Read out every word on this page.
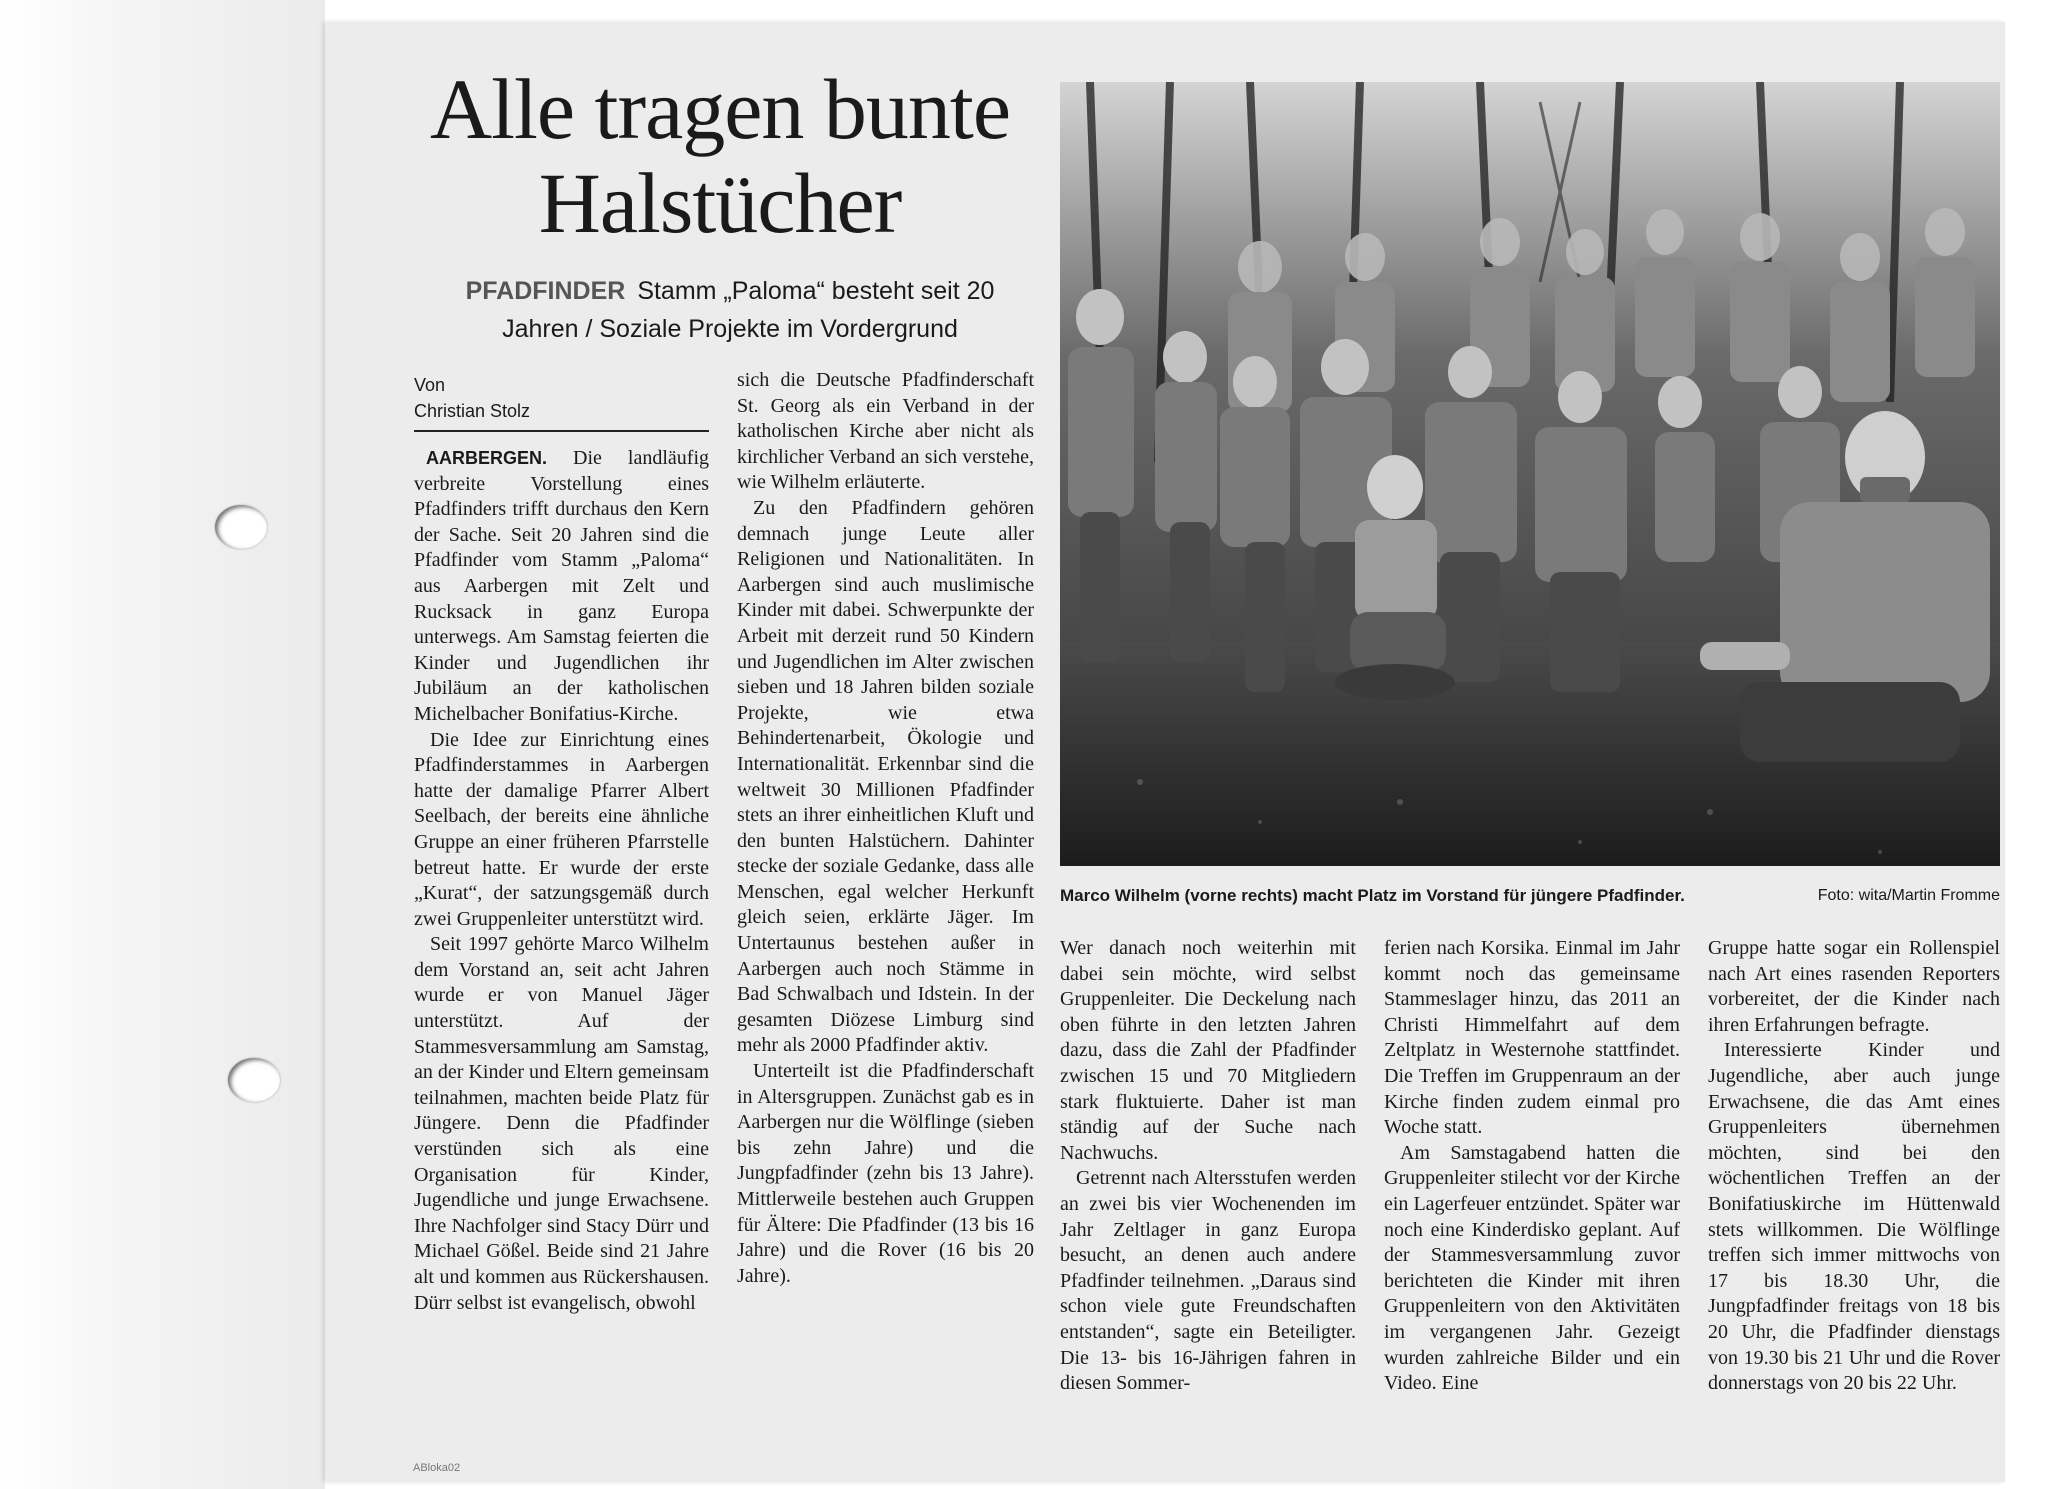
Alle tragen bunte
Halstücher
PFADFINDER Stamm „Paloma“ besteht seit 20
Jahren / Soziale Projekte im Vordergrund
Von
Christian Stolz

AARBERGEN. Die landläufig verbreite Vorstellung eines Pfadfinders trifft durchaus den Kern der Sache. Seit 20 Jahren sind die Pfadfinder vom Stamm „Paloma“ aus Aarbergen mit Zelt und Rucksack in ganz Europa unterwegs. Am Samstag feierten die Kinder und Jugendlichen ihr Jubiläum an der katholischen Michelbacher Bonifatius-Kirche.

Die Idee zur Einrichtung eines Pfadfinderstammes in Aarbergen hatte der damalige Pfarrer Albert Seelbach, der bereits eine ähnliche Gruppe an einer früheren Pfarrstelle betreut hatte. Er wurde der erste „Kurat“, der satzungsgemäß durch zwei Gruppenleiter unterstützt wird.

Seit 1997 gehörte Marco Wilhelm dem Vorstand an, seit acht Jahren wurde er von Manuel Jäger unterstützt. Auf der Stammesversammlung am Samstag, an der Kinder und Eltern gemeinsam teilnahmen, machten beide Platz für Jüngere. Denn die Pfadfinder verstünden sich als eine Organisation für Kinder, Jugendliche und junge Erwachsene. Ihre Nachfolger sind Stacy Dürr und Michael Gößel. Beide sind 21 Jahre alt und kommen aus Rückershausen. Dürr selbst ist evangelisch, obwohl

sich die Deutsche Pfadfinderschaft St. Georg als ein Verband in der katholischen Kirche aber nicht als kirchlicher Verband an sich verstehe, wie Wilhelm erläuterte.

Zu den Pfadfindern gehören demnach junge Leute aller Religionen und Nationalitäten. In Aarbergen sind auch muslimische Kinder mit dabei. Schwerpunkte der Arbeit mit derzeit rund 50 Kindern und Jugendlichen im Alter zwischen sieben und 18 Jahren bilden soziale Projekte, wie etwa Behindertenarbeit, Ökologie und Internationalität. Erkennbar sind die weltweit 30 Millionen Pfadfinder stets an ihrer einheitlichen Kluft und den bunten Halstüchern. Dahinter stecke der soziale Gedanke, dass alle Menschen, egal welcher Herkunft gleich seien, erklärte Jäger. Im Untertaunus bestehen außer in Aarbergen auch noch Stämme in Bad Schwalbach und Idstein. In der gesamten Diözese Limburg sind mehr als 2000 Pfadfinder aktiv.

Unterteilt ist die Pfadfinderschaft in Altersgruppen. Zunächst gab es in Aarbergen nur die Wölflinge (sieben bis zehn Jahre) und die Jungpfadfinder (zehn bis 13 Jahre). Mittlerweile bestehen auch Gruppen für Ältere: Die Pfadfinder (13 bis 16 Jahre) und die Rover (16 bis 20 Jahre).

Marco Wilhelm (vorne rechts) macht Platz im Vorstand für jüngere Pfadfinder.	Foto: wita/Martin Fromme

Wer danach noch weiterhin mit dabei sein möchte, wird selbst Gruppenleiter. Die Deckelung nach oben führte in den letzten Jahren dazu, dass die Zahl der Pfadfinder zwischen 15 und 70 Mitgliedern stark fluktuierte. Daher ist man ständig auf der Suche nach Nachwuchs.

Getrennt nach Altersstufen werden an zwei bis vier Wochenenden im Jahr Zeltlager in ganz Europa besucht, an denen auch andere Pfadfinder teilnehmen. „Daraus sind schon viele gute Freundschaften entstanden“, sagte ein Beteiligter. Die 13- bis 16-Jährigen fahren in diesen Sommer-

ferien nach Korsika. Einmal im Jahr kommt noch das gemeinsame Stammeslager hinzu, das 2011 an Christi Himmelfahrt auf dem Zeltplatz in Westernohe stattfindet. Die Treffen im Gruppenraum an der Kirche finden zudem einmal pro Woche statt.

Am Samstagabend hatten die Gruppenleiter stilecht vor der Kirche ein Lagerfeuer entzündet. Später war noch eine Kinderdisko geplant. Auf der Stammesversammlung zuvor berichteten die Kinder mit ihren Gruppenleitern von den Aktivitäten im vergangenen Jahr. Gezeigt wurden zahlreiche Bilder und ein Video. Eine

Gruppe hatte sogar ein Rollenspiel nach Art eines rasenden Reporters vorbereitet, der die Kinder nach ihren Erfahrungen befragte.

Interessierte Kinder und Jugendliche, aber auch junge Erwachsene, die das Amt eines Gruppenleiters übernehmen möchten, sind bei den wöchentlichen Treffen an der Bonifatiuskirche im Hüttenwald stets willkommen. Die Wölflinge treffen sich immer mittwochs von 17 bis 18.30 Uhr, die Jungpfadfinder freitags von 18 bis 20 Uhr, die Pfadfinder dienstags von 19.30 bis 21 Uhr und die Rover donnerstags von 20 bis 22 Uhr.

ABloka02
